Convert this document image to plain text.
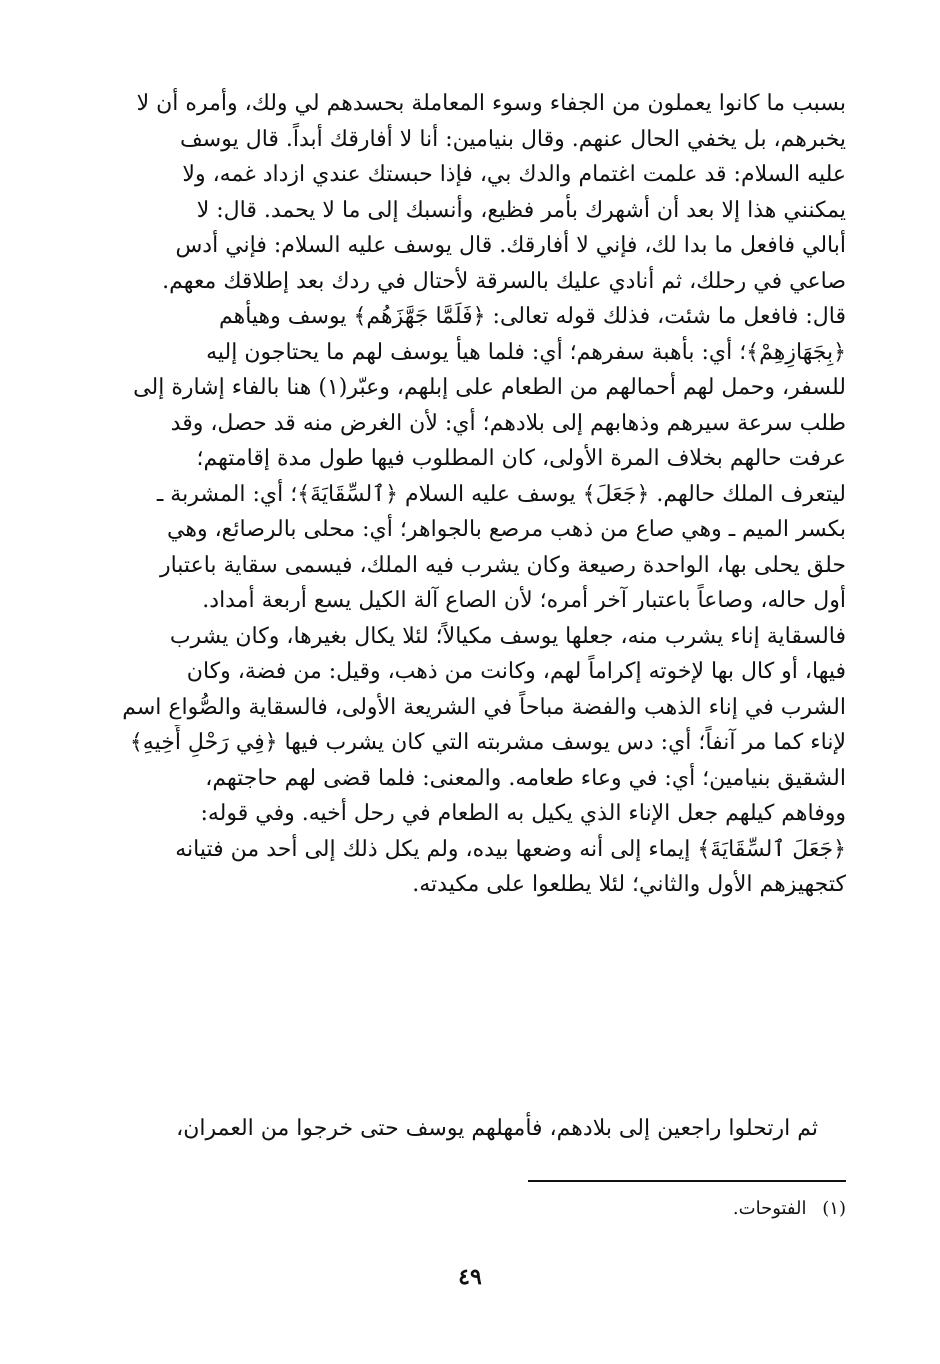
بسبب ما كانوا يعملون من الجفاء وسوء المعاملة بحسدهم لي ولك، وأمره أن لا
يخبرهم، بل يخفي الحال عنهم. وقال بنيامين: أنا لا أفارقك أبداً. قال يوسف
عليه السلام: قد علمت اغتمام والدك بي، فإذا حبستك عندي ازداد غمه، ولا
يمكنني هذا إلا بعد أن أشهرك بأمر فظيع، وأنسبك إلى ما لا يحمد. قال: لا
أبالي فافعل ما بدا لك، فإني لا أفارقك. قال يوسف عليه السلام: فإني أدس
صاعي في رحلك، ثم أنادي عليك بالسرقة لأحتال في ردك بعد إطلاقك معهم.
قال: فافعل ما شئت، فذلك قوله تعالى: ﴿فَلَمَّا جَهَّزَهُم﴾ يوسف وهيأهم
﴿بِجَهَازِهِمْ﴾؛ أي: بأهبة سفرهم؛ أي: فلما هيأ يوسف لهم ما يحتاجون إليه
للسفر، وحمل لهم أحمالهم من الطعام على إبلهم، وعبّر(١) هنا بالفاء إشارة إلى
طلب سرعة سيرهم وذهابهم إلى بلادهم؛ أي: لأن الغرض منه قد حصل، وقد
عرفت حالهم بخلاف المرة الأولى، كان المطلوب فيها طول مدة إقامتهم؛
ليتعرف الملك حالهم. ﴿جَعَلَ﴾ يوسف عليه السلام ﴿ٱلسِّقَايَةَ﴾؛ أي: المشربة ـ
بكسر الميم ـ وهي صاع من ذهب مرصع بالجواهر؛ أي: محلى بالرصائع، وهي
حلق يحلى بها، الواحدة رصيعة وكان يشرب فيه الملك، فيسمى سقاية باعتبار
أول حاله، وصاعاً باعتبار آخر أمره؛ لأن الصاع آلة الكيل يسع أربعة أمداد.
فالسقاية إناء يشرب منه، جعلها يوسف مكيالاً؛ لئلا يكال بغيرها، وكان يشرب
فيها، أو كال بها لإخوته إكراماً لهم، وكانت من ذهب، وقيل: من فضة، وكان
الشرب في إناء الذهب والفضة مباحاً في الشريعة الأولى، فالسقاية والصُّواع اسم
لإناء كما مر آنفاً؛ أي: دس يوسف مشربته التي كان يشرب فيها ﴿فِي رَحْلِ أَخِيهِ﴾
الشقيق بنيامين؛ أي: في وعاء طعامه. والمعنى: فلما قضى لهم حاجتهم،
ووفاهم كيلهم جعل الإناء الذي يكيل به الطعام في رحل أخيه. وفي قوله:
﴿جَعَلَ ٱلسِّقَايَةَ﴾ إيماء إلى أنه وضعها بيده، ولم يكل ذلك إلى أحد من فتيانه
كتجهيزهم الأول والثاني؛ لئلا يطلعوا على مكيدته.
ثم ارتحلوا راجعين إلى بلادهم، فأمهلهم يوسف حتى خرجوا من العمران،
(١) الفتوحات.
٤٩
